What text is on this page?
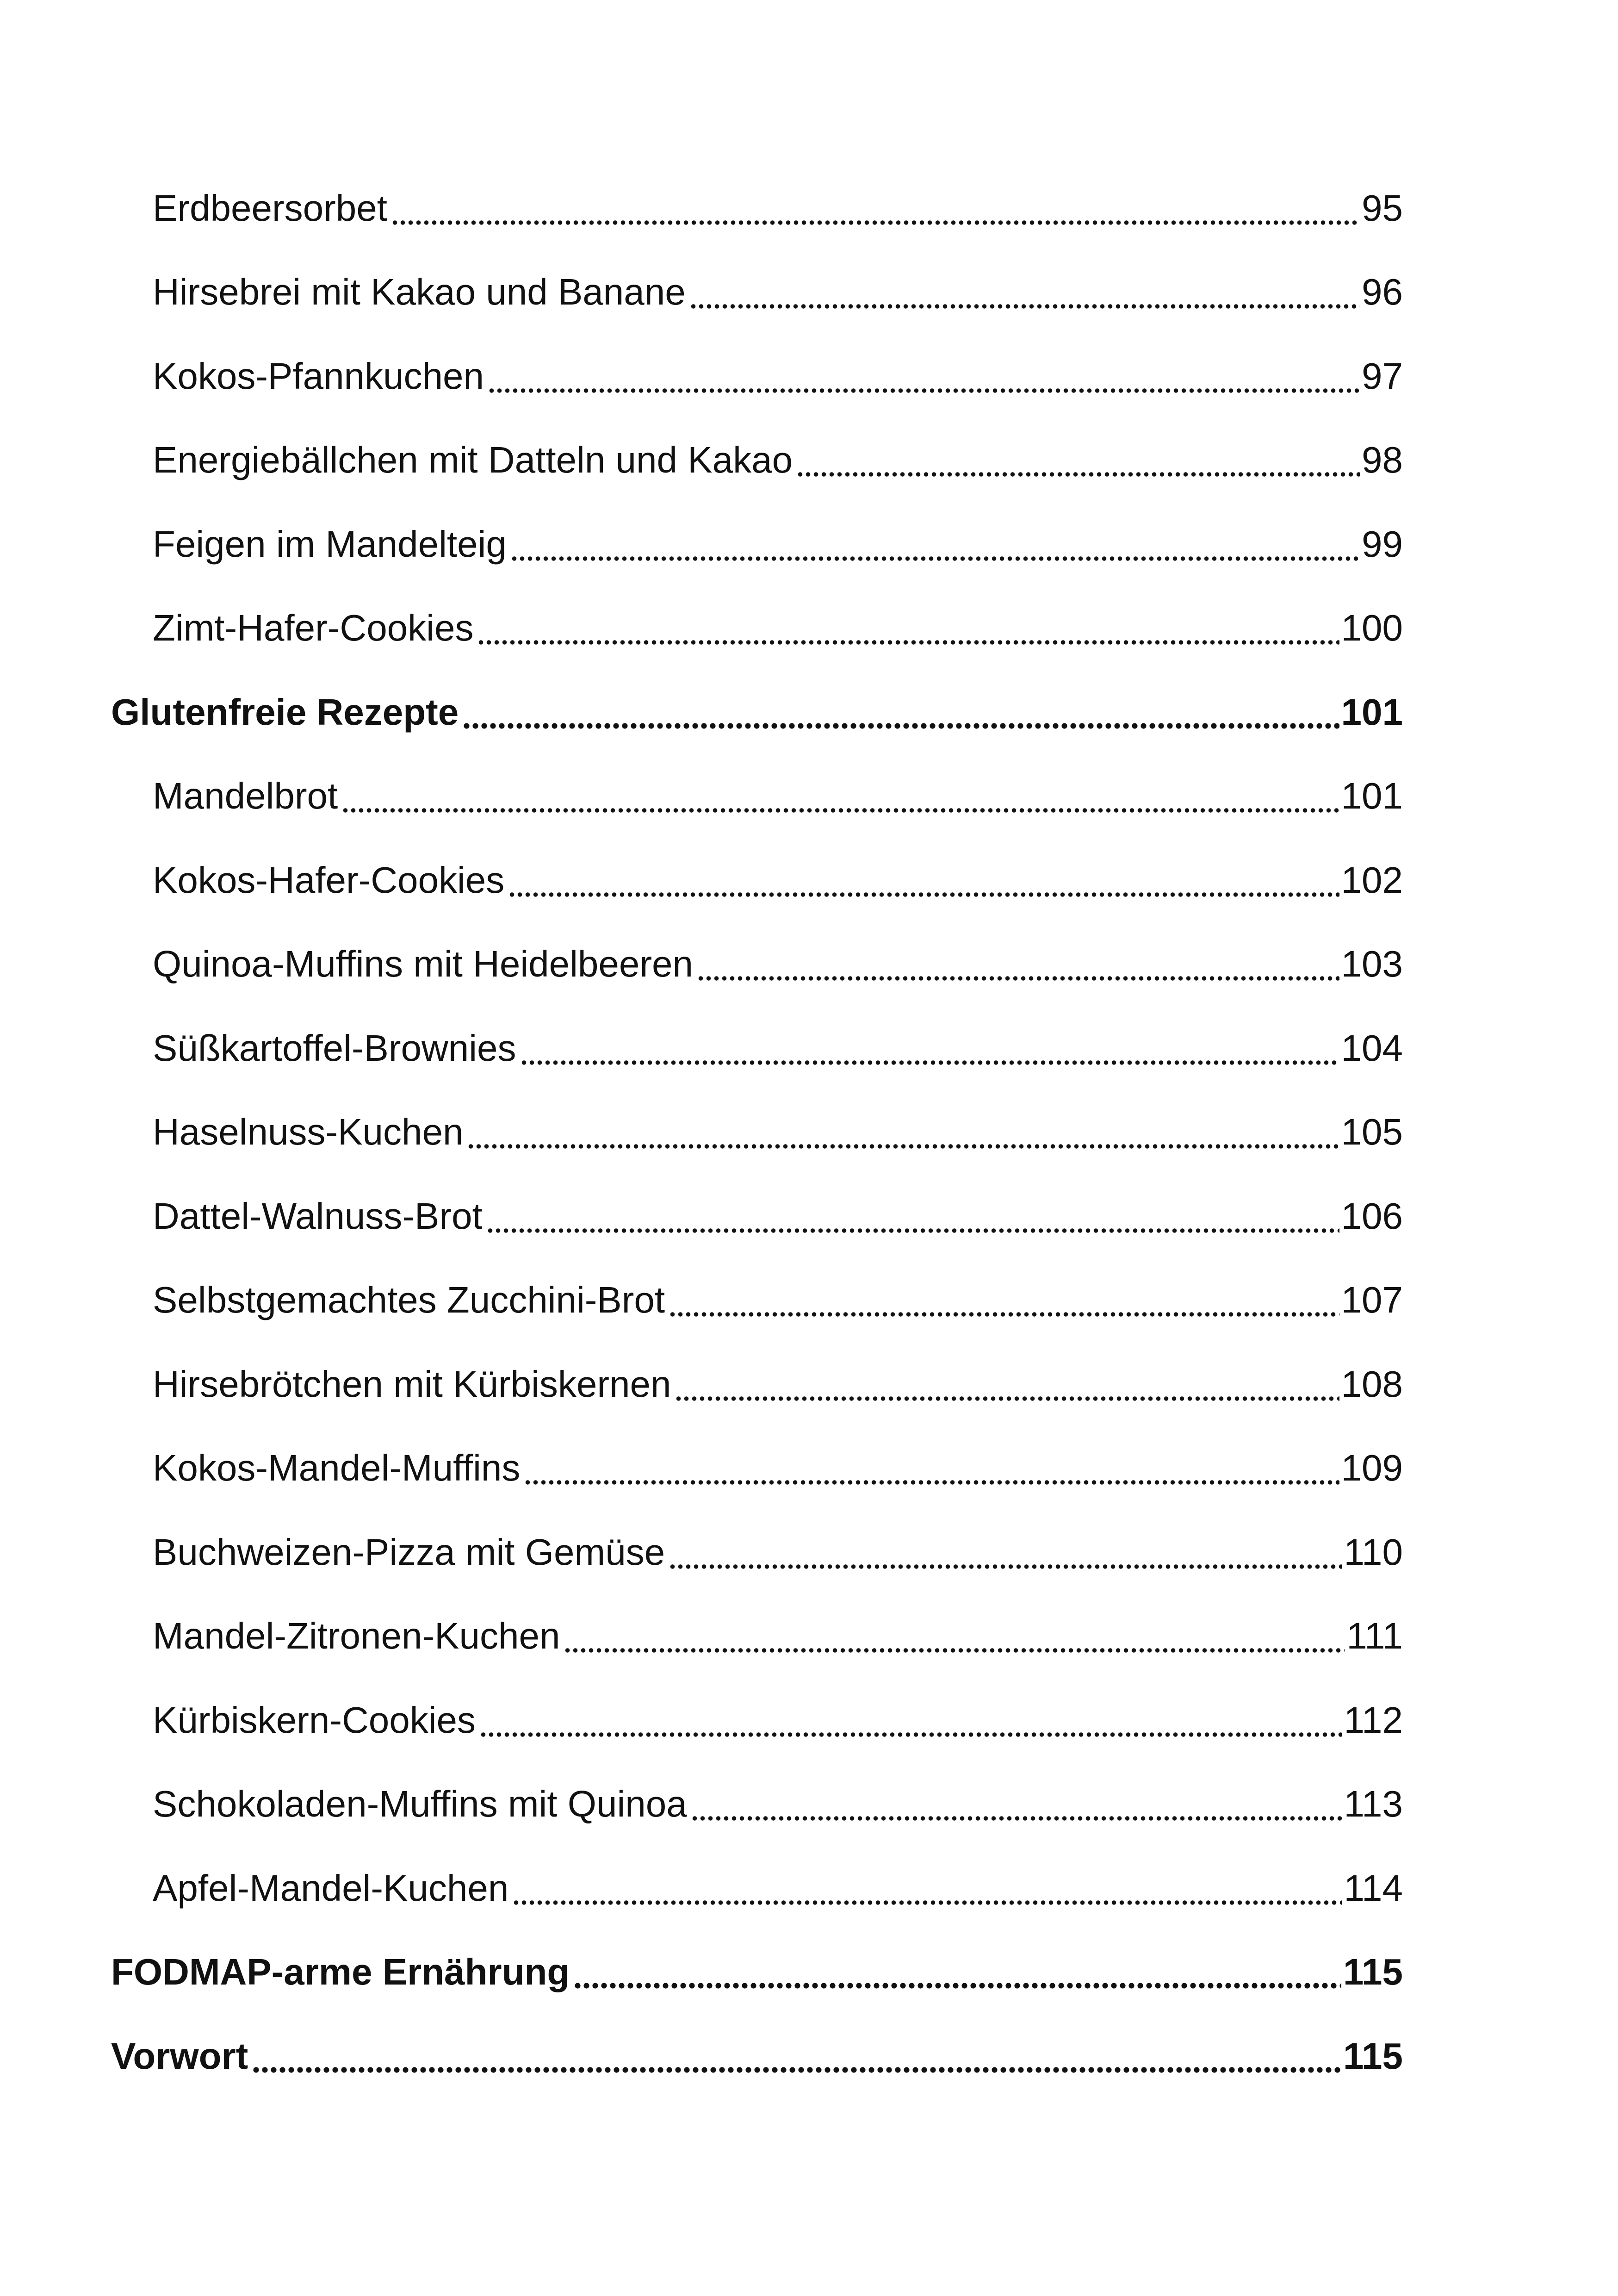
Erdbeersorbet	95
Hirsebrei mit Kakao und Banane	96
Kokos-Pfannkuchen	97
Energiebällchen mit Datteln und Kakao	98
Feigen im Mandelteig	99
Zimt-Hafer-Cookies	100
Glutenfreie Rezepte	101
Mandelbrot	101
Kokos-Hafer-Cookies	102
Quinoa-Muffins mit Heidelbeeren	103
Süßkartoffel-Brownies	104
Haselnuss-Kuchen	105
Dattel-Walnuss-Brot	106
Selbstgemachtes Zucchini-Brot	107
Hirsebrötchen mit Kürbiskernen	108
Kokos-Mandel-Muffins	109
Buchweizen-Pizza mit Gemüse	110
Mandel-Zitronen-Kuchen	111
Kürbiskern-Cookies	112
Schokoladen-Muffins mit Quinoa	113
Apfel-Mandel-Kuchen	114
FODMAP-arme Ernährung	115
Vorwort	115
